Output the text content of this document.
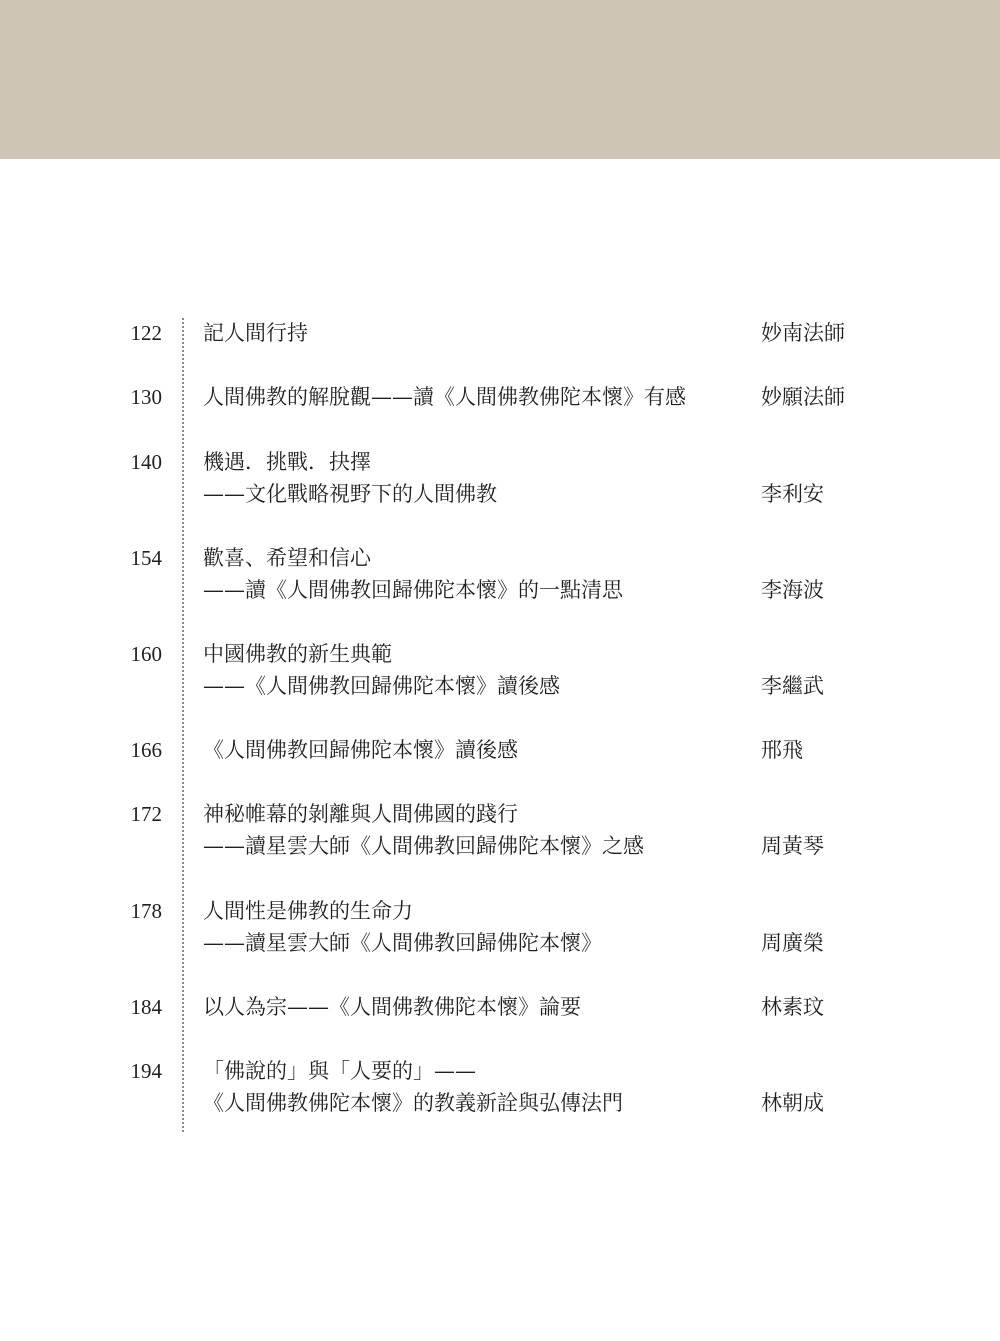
122 記人間行持	妙南法師
130 人間佛教的解脫觀——讀《人間佛教佛陀本懷》有感	妙願法師
140 機遇．挑戰．抉擇
——文化戰略視野下的人間佛教	李利安
154 歡喜、希望和信心
——讀《人間佛教回歸佛陀本懷》的一點清思	李海波
160 中國佛教的新生典範
——《人間佛教回歸佛陀本懷》讀後感	李繼武
166 《人間佛教回歸佛陀本懷》讀後感	邢飛
172 神秘帷幕的剝離與人間佛國的踐行
——讀星雲大師《人間佛教回歸佛陀本懷》之感	周黃琴
178 人間性是佛教的生命力
——讀星雲大師《人間佛教回歸佛陀本懷》	周廣榮
184 以人為宗——《人間佛教佛陀本懷》論要	林素玟
194 「佛說的」與「人要的」——
《人間佛教佛陀本懷》的教義新詮與弘傳法門	林朝成
